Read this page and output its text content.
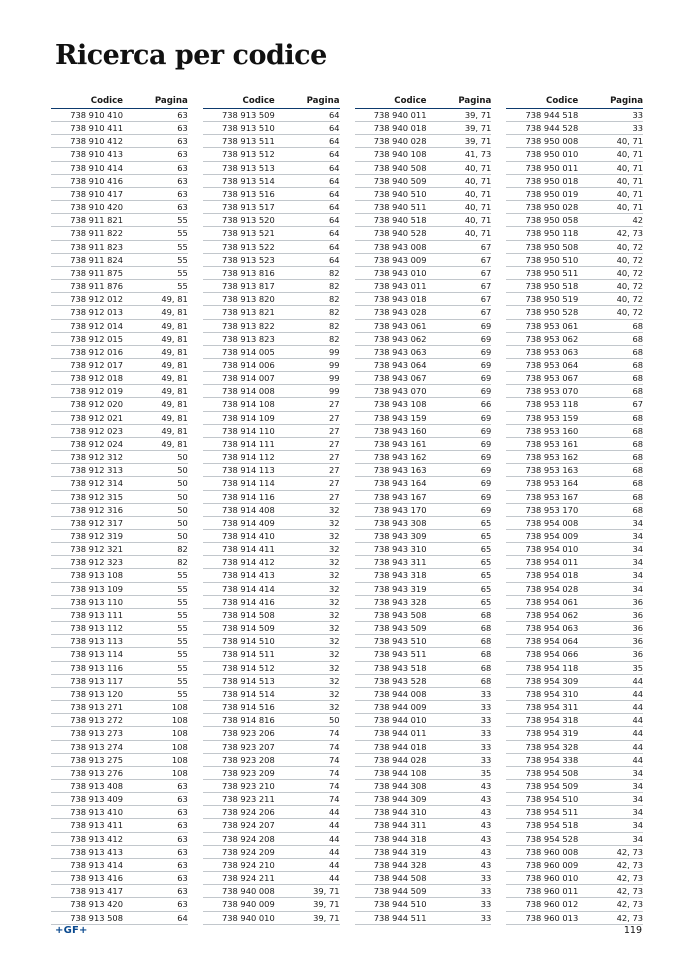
Ricerca per codice
Codice	Pagina
738 910 410	63
738 910 411	63
738 910 412	63
738 910 413	63
738 910 414	63
738 910 416	63
738 910 417	63
738 910 420	63
738 911 821	55
738 911 822	55
738 911 823	55
738 911 824	55
738 911 875	55
738 911 876	55
738 912 012	49, 81
738 912 013	49, 81
738 912 014	49, 81
738 912 015	49, 81
738 912 016	49, 81
738 912 017	49, 81
738 912 018	49, 81
738 912 019	49, 81
738 912 020	49, 81
738 912 021	49, 81
738 912 023	49, 81
738 912 024	49, 81
738 912 312	50
738 912 313	50
738 912 314	50
738 912 315	50
738 912 316	50
738 912 317	50
738 912 319	50
738 912 321	82
738 912 323	82
738 913 108	55
738 913 109	55
738 913 110	55
738 913 111	55
738 913 112	55
738 913 113	55
738 913 114	55
738 913 116	55
738 913 117	55
738 913 120	55
738 913 271	108
738 913 272	108
738 913 273	108
738 913 274	108
738 913 275	108
738 913 276	108
738 913 408	63
738 913 409	63
738 913 410	63
738 913 411	63
738 913 412	63
738 913 413	63
738 913 414	63
738 913 416	63
738 913 417	63
738 913 420	63
738 913 508	64
Codice	Pagina
738 913 509	64
738 913 510	64
738 913 511	64
738 913 512	64
738 913 513	64
738 913 514	64
738 913 516	64
738 913 517	64
738 913 520	64
738 913 521	64
738 913 522	64
738 913 523	64
738 913 816	82
738 913 817	82
738 913 820	82
738 913 821	82
738 913 822	82
738 913 823	82
738 914 005	99
738 914 006	99
738 914 007	99
738 914 008	99
738 914 108	27
738 914 109	27
738 914 110	27
738 914 111	27
738 914 112	27
738 914 113	27
738 914 114	27
738 914 116	27
738 914 408	32
738 914 409	32
738 914 410	32
738 914 411	32
738 914 412	32
738 914 413	32
738 914 414	32
738 914 416	32
738 914 508	32
738 914 509	32
738 914 510	32
738 914 511	32
738 914 512	32
738 914 513	32
738 914 514	32
738 914 516	32
738 914 816	50
738 923 206	74
738 923 207	74
738 923 208	74
738 923 209	74
738 923 210	74
738 923 211	74
738 924 206	44
738 924 207	44
738 924 208	44
738 924 209	44
738 924 210	44
738 924 211	44
738 940 008	39, 71
738 940 009	39, 71
738 940 010	39, 71
Codice	Pagina
738 940 011	39, 71
738 940 018	39, 71
738 940 028	39, 71
738 940 108	41, 73
738 940 508	40, 71
738 940 509	40, 71
738 940 510	40, 71
738 940 511	40, 71
738 940 518	40, 71
738 940 528	40, 71
738 943 008	67
738 943 009	67
738 943 010	67
738 943 011	67
738 943 018	67
738 943 028	67
738 943 061	69
738 943 062	69
738 943 063	69
738 943 064	69
738 943 067	69
738 943 070	69
738 943 108	66
738 943 159	69
738 943 160	69
738 943 161	69
738 943 162	69
738 943 163	69
738 943 164	69
738 943 167	69
738 943 170	69
738 943 308	65
738 943 309	65
738 943 310	65
738 943 311	65
738 943 318	65
738 943 319	65
738 943 328	65
738 943 508	68
738 943 509	68
738 943 510	68
738 943 511	68
738 943 518	68
738 943 528	68
738 944 008	33
738 944 009	33
738 944 010	33
738 944 011	33
738 944 018	33
738 944 028	33
738 944 108	35
738 944 308	43
738 944 309	43
738 944 310	43
738 944 311	43
738 944 318	43
738 944 319	43
738 944 328	43
738 944 508	33
738 944 509	33
738 944 510	33
738 944 511	33
Codice	Pagina
738 944 518	33
738 944 528	33
738 950 008	40, 71
738 950 010	40, 71
738 950 011	40, 71
738 950 018	40, 71
738 950 019	40, 71
738 950 028	40, 71
738 950 058	42
738 950 118	42, 73
738 950 508	40, 72
738 950 510	40, 72
738 950 511	40, 72
738 950 518	40, 72
738 950 519	40, 72
738 950 528	40, 72
738 953 061	68
738 953 062	68
738 953 063	68
738 953 064	68
738 953 067	68
738 953 070	68
738 953 118	67
738 953 159	68
738 953 160	68
738 953 161	68
738 953 162	68
738 953 163	68
738 953 164	68
738 953 167	68
738 953 170	68
738 954 008	34
738 954 009	34
738 954 010	34
738 954 011	34
738 954 018	34
738 954 028	34
738 954 061	36
738 954 062	36
738 954 063	36
738 954 064	36
738 954 066	36
738 954 118	35
738 954 309	44
738 954 310	44
738 954 311	44
738 954 318	44
738 954 319	44
738 954 328	44
738 954 338	44
738 954 508	34
738 954 509	34
738 954 510	34
738 954 511	34
738 954 518	34
738 954 528	34
738 960 008	42, 73
738 960 009	42, 73
738 960 010	42, 73
738 960 011	42, 73
738 960 012	42, 73
738 960 013	42, 73
+GF+	119
